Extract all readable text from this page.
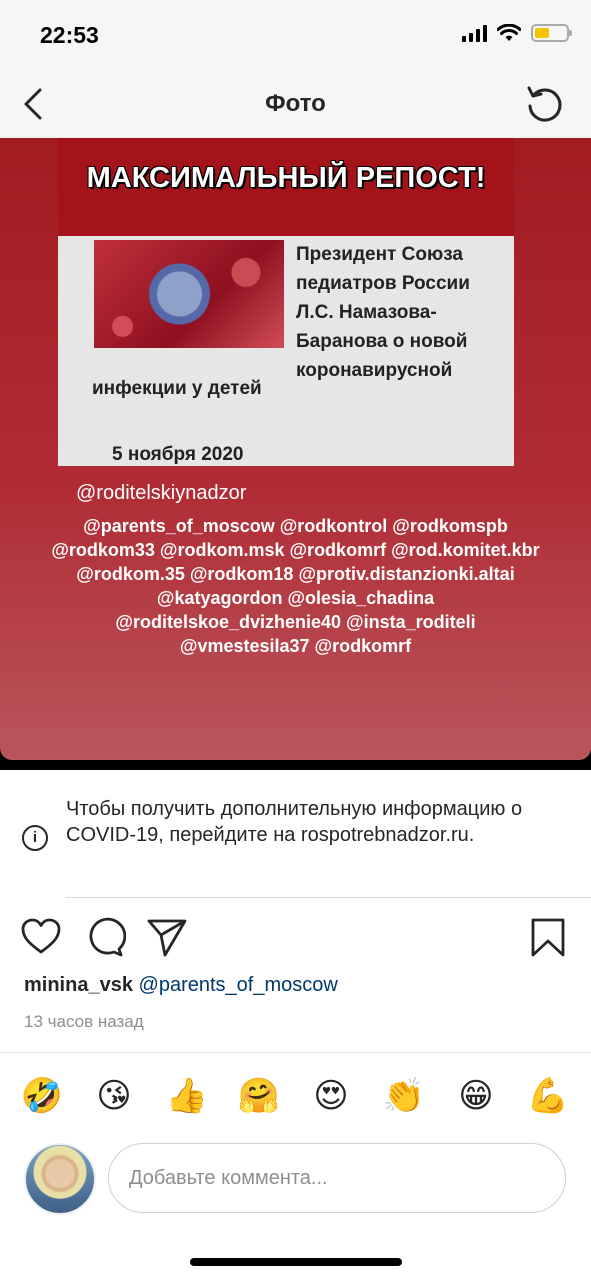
22:53
Фото
МАКСИМАЛЬНЫЙ РЕПОСТ!
Президент Союза педиатров России Л.С. Намазова-Баранова о новой коронавирусной
инфекции у детей
5 ноября 2020
@roditelskiynadzor
@parents_of_moscow @rodkontrol @rodkomspb
@rodkom33 @rodkom.msk @rodkomrf @rod.komitet.kbr
@rodkom.35 @rodkom18 @protiv.distanzionki.altai
@katyagordon @olesia_chadina
@roditelskoe_dvizhenie40 @insta_roditeli
@vmestesila37 @rodkomrf
i
Чтобы получить дополнительную информацию о COVID-19, перейдите на rospotrebnadzor.ru.
minina_vsk @parents_of_moscow
13 часов назад
🤣 😘 👍 🤗 😍 👏 😁 💪
Добавьте коммента...
